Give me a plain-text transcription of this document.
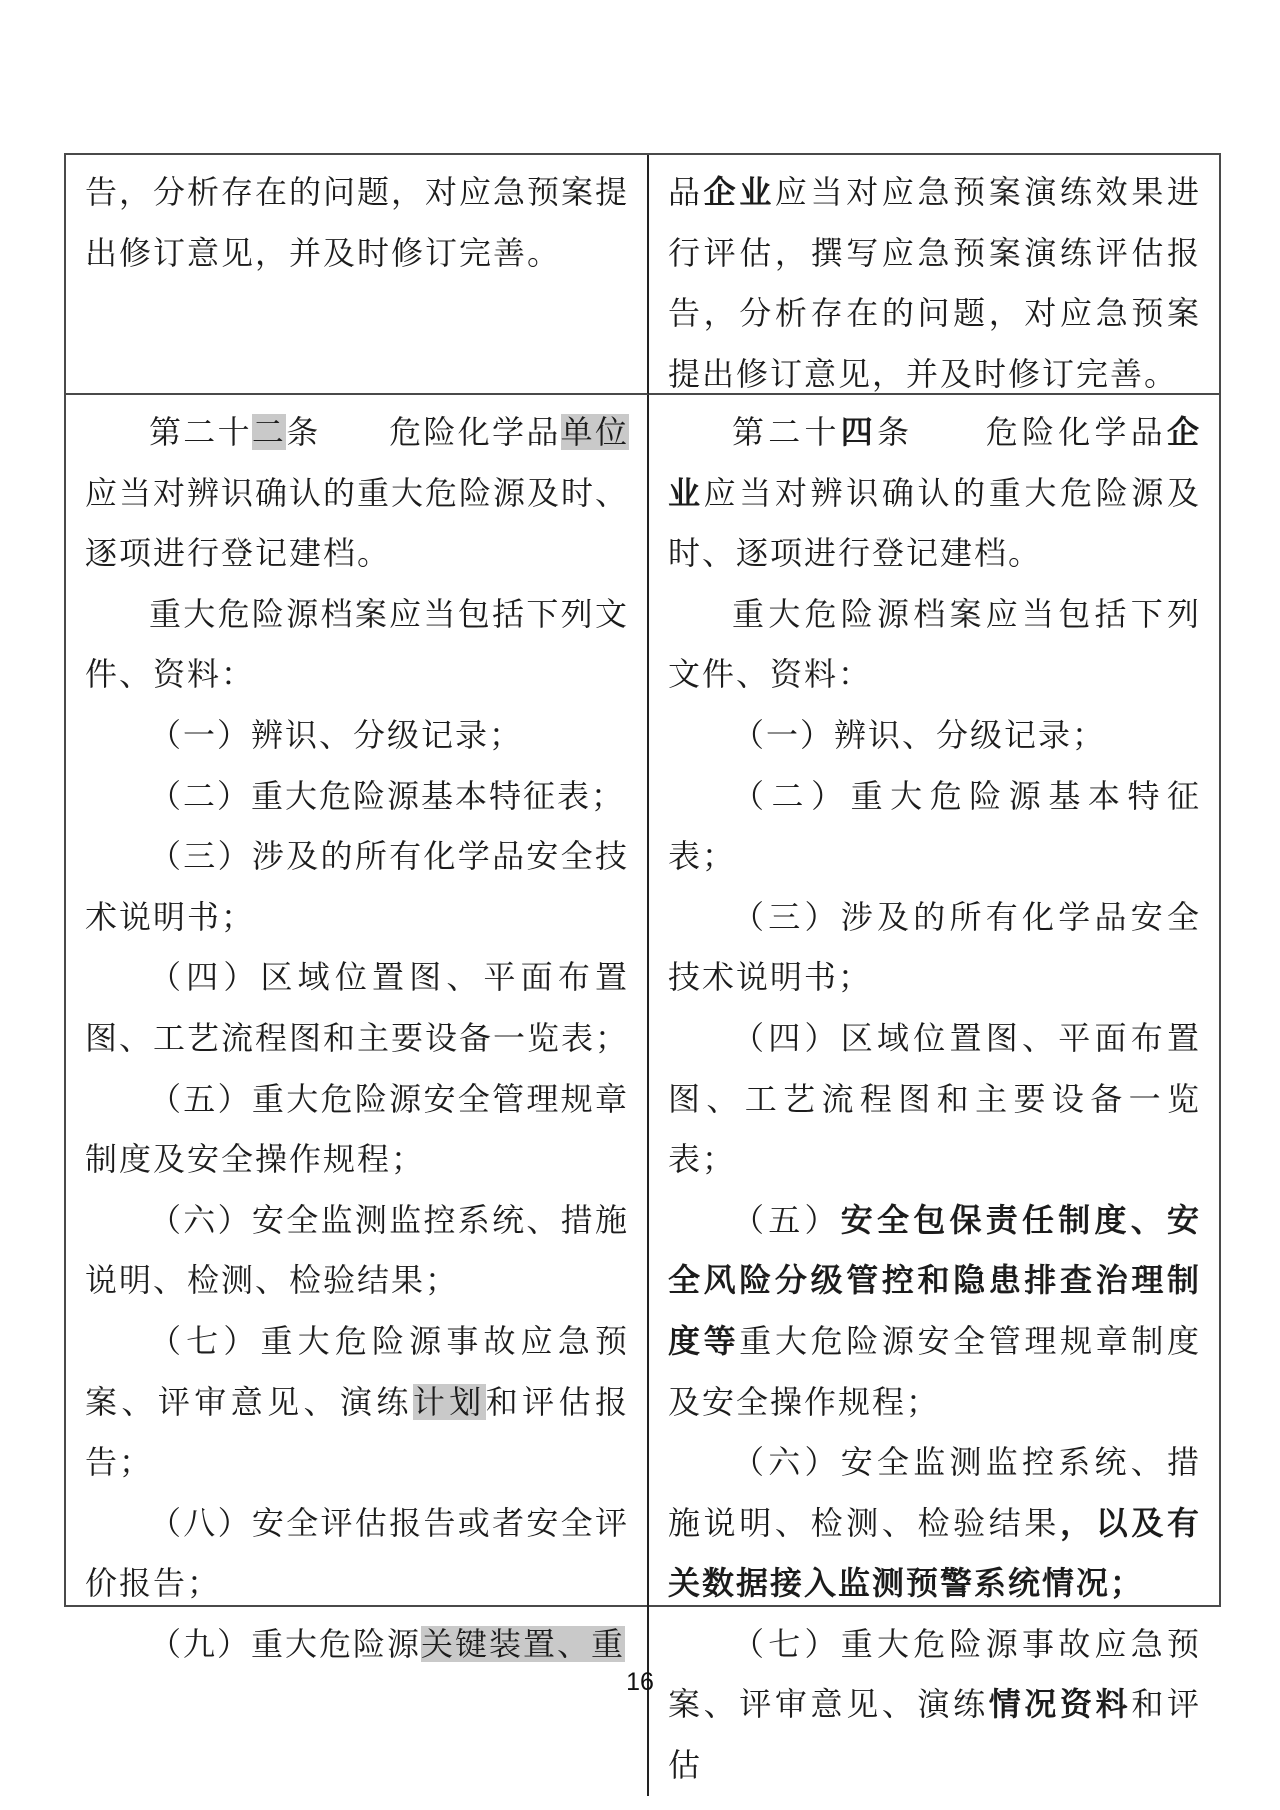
告，分析存在的问题，对应急预案提出修订意见，并及时修订完善。

品企业应当对应急预案演练效果进行评估，撰写应急预案演练评估报告，分析存在的问题，对应急预案提出修订意见，并及时修订完善。

第二十二条　　危险化学品单位应当对辨识确认的重大危险源及时、逐项进行登记建档。

重大危险源档案应当包括下列文件、资料：

（一）辨识、分级记录；

（二）重大危险源基本特征表；

（三）涉及的所有化学品安全技术说明书；

（四）区域位置图、平面布置图、工艺流程图和主要设备一览表；

（五）重大危险源安全管理规章制度及安全操作规程；

（六）安全监测监控系统、措施说明、检测、检验结果；

（七）重大危险源事故应急预案、评审意见、演练计划和评估报告；

（八）安全评估报告或者安全评价报告；

（九）重大危险源关键装置、重

第二十四条　　危险化学品企业应当对辨识确认的重大危险源及时、逐项进行登记建档。

重大危险源档案应当包括下列文件、资料：

（一）辨识、分级记录；

（二）重大危险源基本特征表；

（三）涉及的所有化学品安全技术说明书；

（四）区域位置图、平面布置图、工艺流程图和主要设备一览表；

（五）安全包保责任制度、安全风险分级管控和隐患排查治理制度等重大危险源安全管理规章制度及安全操作规程；

（六）安全监测监控系统、措施说明、检测、检验结果，以及有关数据接入监测预警系统情况；

（七）重大危险源事故应急预案、评审意见、演练情况资料和评估

16
